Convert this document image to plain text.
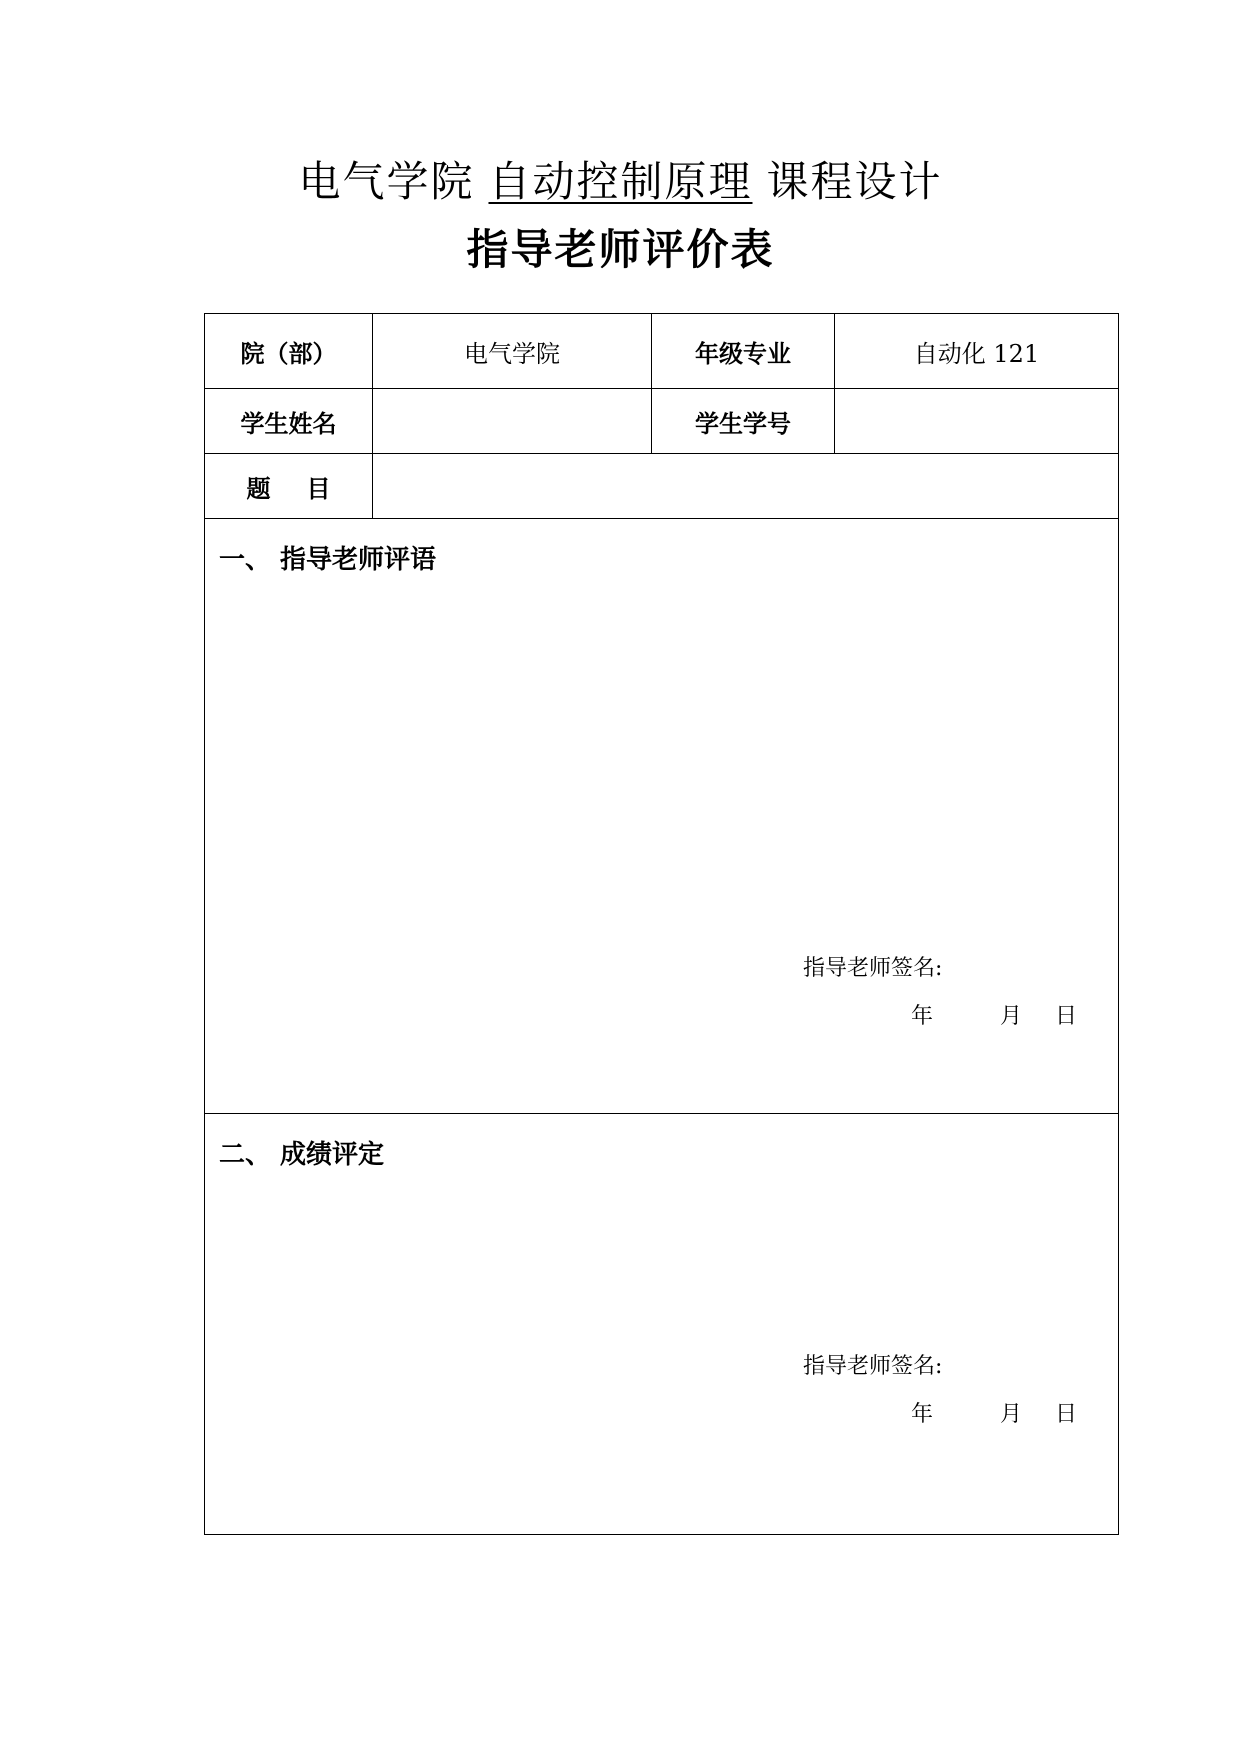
电气学院 自动控制原理 课程设计
指导老师评价表
院（部）	电气学院	年级专业	自动化 121
学生姓名		学生学号	
题目			

一、 指导老师评语
指导老师签名:
年 月 日			

二、 成绩评定
指导老师签名:
年 月 日			
